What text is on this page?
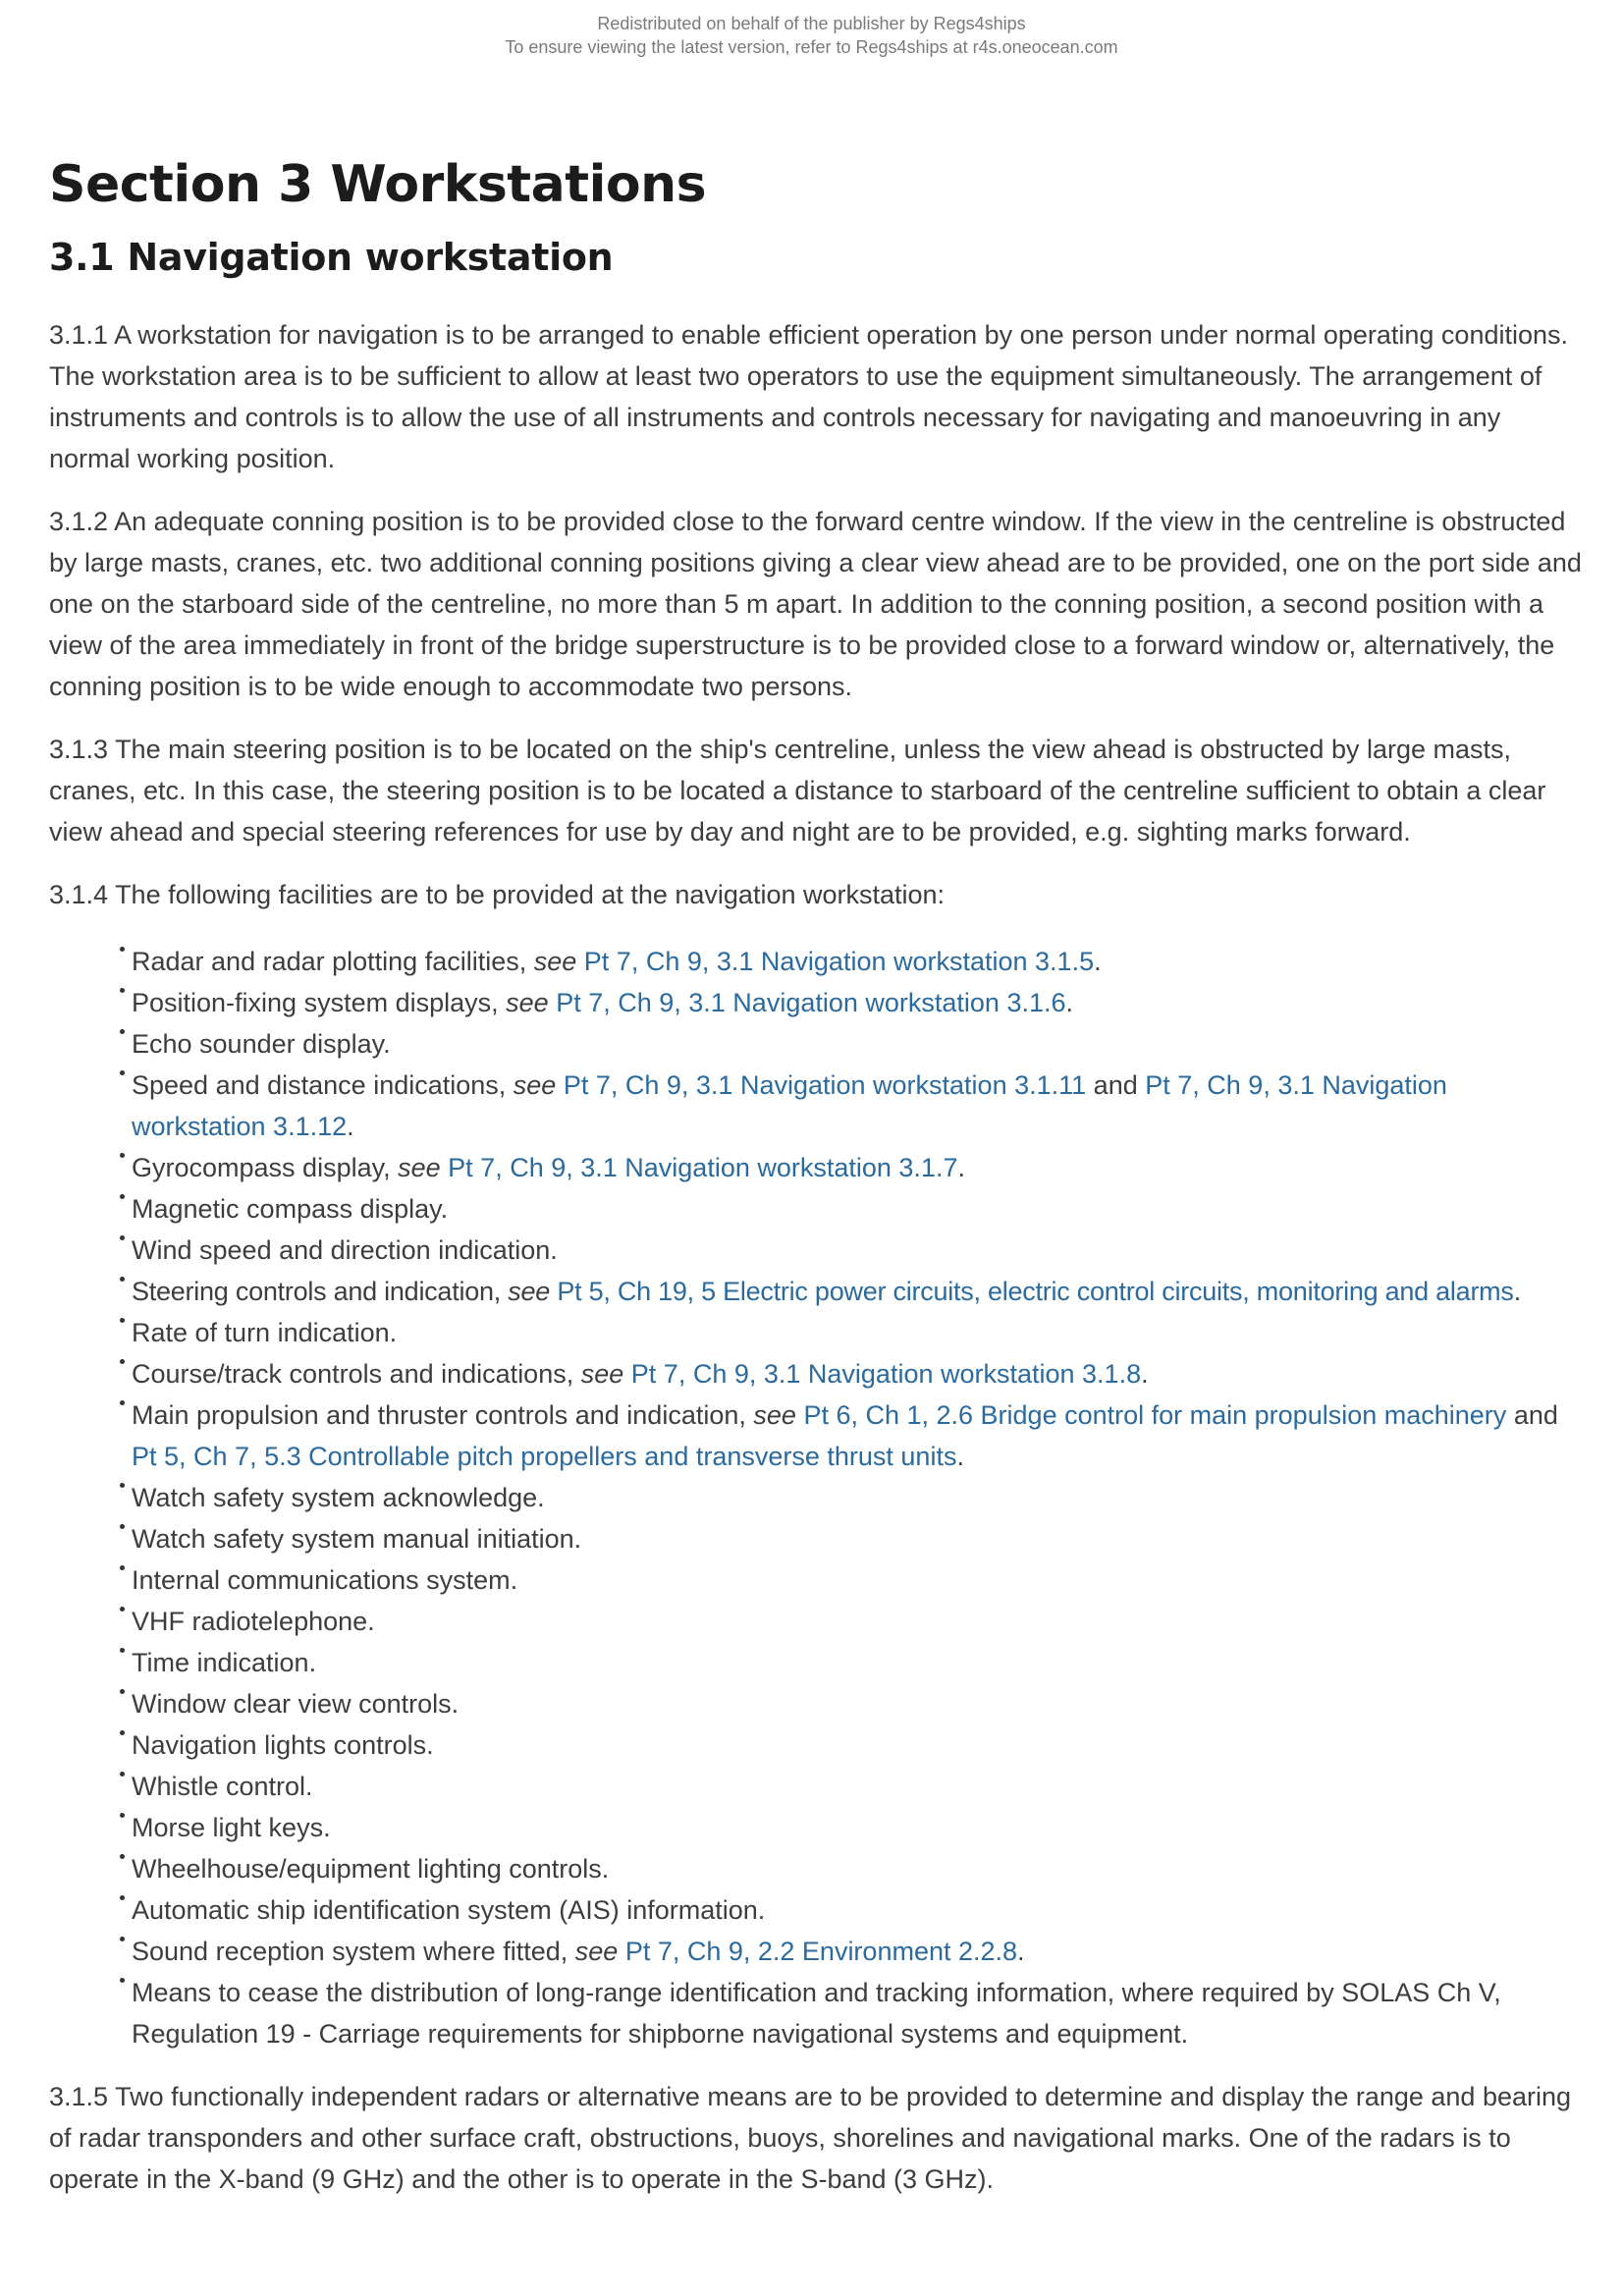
Redistributed on behalf of the publisher by Regs4ships
To ensure viewing the latest version, refer to Regs4ships at r4s.oneocean.com
Section 3 Workstations
3.1 Navigation workstation

3.1.1 A workstation for navigation is to be arranged to enable efficient operation by one person under normal operating conditions. The workstation area is to be sufficient to allow at least two operators to use the equipment simultaneously. The arrangement of instruments and controls is to allow the use of all instruments and controls necessary for navigating and manoeuvring in any normal working position.

3.1.2 An adequate conning position is to be provided close to the forward centre window. If the view in the centreline is obstructed by large masts, cranes, etc. two additional conning positions giving a clear view ahead are to be provided, one on the port side and one on the starboard side of the centreline, no more than 5 m apart. In addition to the conning position, a second position with a view of the area immediately in front of the bridge superstructure is to be provided close to a forward window or, alternatively, the conning position is to be wide enough to accommodate two persons.

3.1.3 The main steering position is to be located on the ship's centreline, unless the view ahead is obstructed by large masts, cranes, etc. In this case, the steering position is to be located a distance to starboard of the centreline sufficient to obtain a clear view ahead and special steering references for use by day and night are to be provided, e.g. sighting marks forward.

3.1.4 The following facilities are to be provided at the navigation workstation:

Radar and radar plotting facilities, see Pt 7, Ch 9, 3.1 Navigation workstation 3.1.5.
Position-fixing system displays, see Pt 7, Ch 9, 3.1 Navigation workstation 3.1.6.
Echo sounder display.
Speed and distance indications, see Pt 7, Ch 9, 3.1 Navigation workstation 3.1.11 and Pt 7, Ch 9, 3.1 Navigation workstation 3.1.12.
Gyrocompass display, see Pt 7, Ch 9, 3.1 Navigation workstation 3.1.7.
Magnetic compass display.
Wind speed and direction indication.
Steering controls and indication, see Pt 5, Ch 19, 5 Electric power circuits, electric control circuits, monitoring and alarms.
Rate of turn indication.
Course/track controls and indications, see Pt 7, Ch 9, 3.1 Navigation workstation 3.1.8.
Main propulsion and thruster controls and indication, see Pt 6, Ch 1, 2.6 Bridge control for main propulsion machinery and Pt 5, Ch 7, 5.3 Controllable pitch propellers and transverse thrust units.
Watch safety system acknowledge.
Watch safety system manual initiation.
Internal communications system.
VHF radiotelephone.
Time indication.
Window clear view controls.
Navigation lights controls.
Whistle control.
Morse light keys.
Wheelhouse/equipment lighting controls.
Automatic ship identification system (AIS) information.
Sound reception system where fitted, see Pt 7, Ch 9, 2.2 Environment 2.2.8.
Means to cease the distribution of long-range identification and tracking information, where required by SOLAS Ch V, Regulation 19 - Carriage requirements for shipborne navigational systems and equipment.

3.1.5 Two functionally independent radars or alternative means are to be provided to determine and display the range and bearing of radar transponders and other surface craft, obstructions, buoys, shorelines and navigational marks. One of the radars is to operate in the X-band (9 GHz) and the other is to operate in the S-band (3 GHz).
